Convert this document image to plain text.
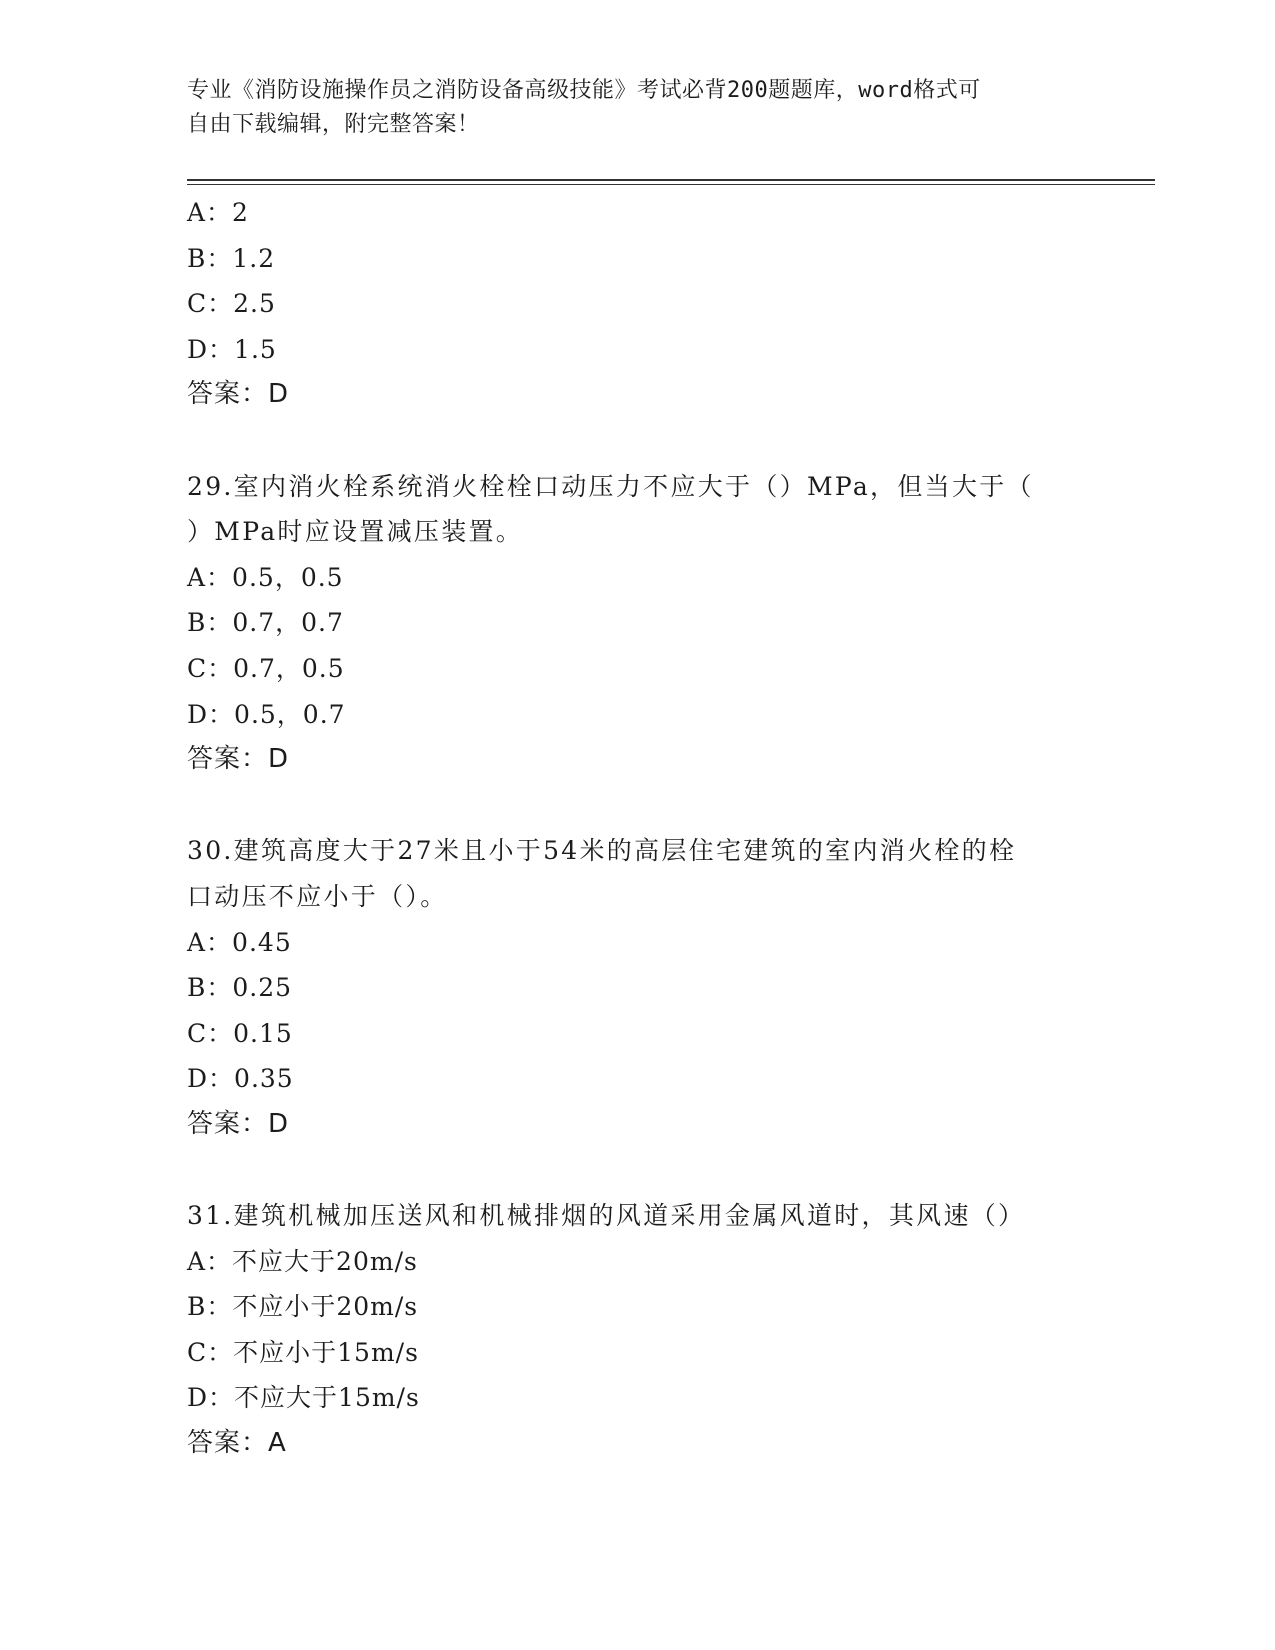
专业《消防设施操作员之消防设备高级技能》考试必背200题题库，word格式可
自由下载编辑，附完整答案！
A：2
B：1.2
C：2.5
D：1.5
答案：D
29.室内消火栓系统消火栓栓口动压力不应大于（）MPa，但当大于（
）MPa时应设置减压装置。
A：0.5，0.5
B：0.7，0.7
C：0.7，0.5
D：0.5，0.7
答案：D
30.建筑高度大于27米且小于54米的高层住宅建筑的室内消火栓的栓
口动压不应小于（）。
A：0.45
B：0.25
C：0.15
D：0.35
答案：D
31.建筑机械加压送风和机械排烟的风道采用金属风道时，其风速（）
A：不应大于20m/s
B：不应小于20m/s
C：不应小于15m/s
D：不应大于15m/s
答案：A
